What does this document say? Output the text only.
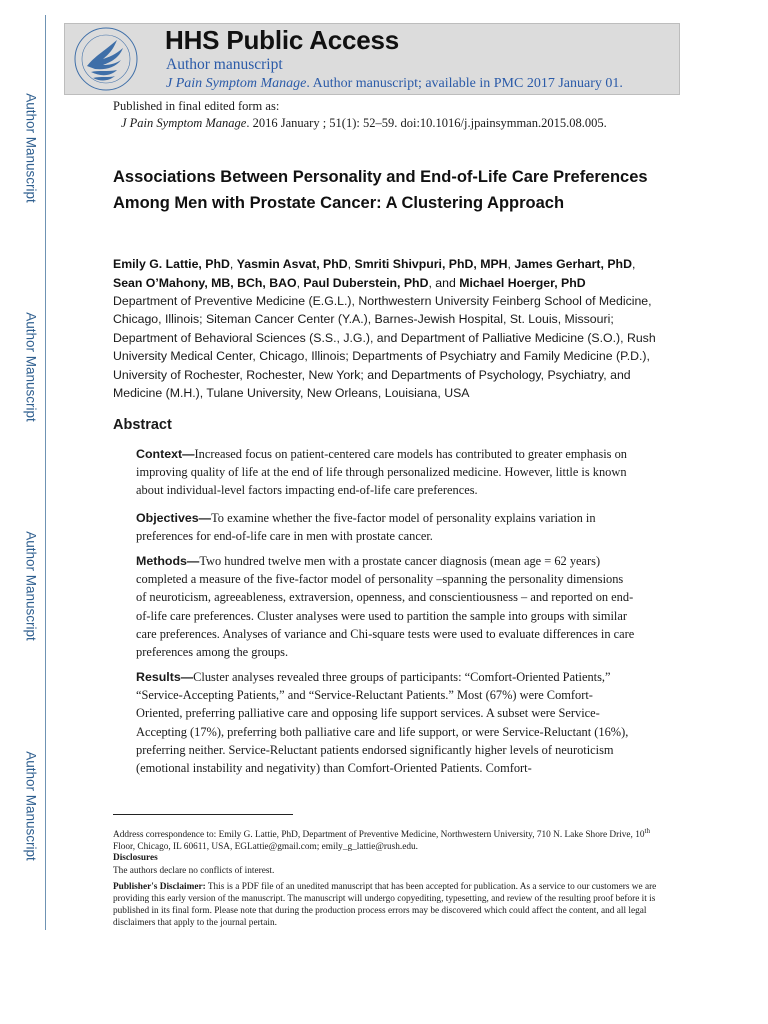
Author Manuscript
Author Manuscript
Author Manuscript
Author Manuscript
HHS Public Access
Author manuscript
J Pain Symptom Manage. Author manuscript; available in PMC 2017 January 01.
Published in final edited form as:
J Pain Symptom Manage. 2016 January ; 51(1): 52–59. doi:10.1016/j.jpainsymman.2015.08.005.
Associations Between Personality and End-of-Life Care Preferences Among Men with Prostate Cancer: A Clustering Approach
Emily G. Lattie, PhD, Yasmin Asvat, PhD, Smriti Shivpuri, PhD, MPH, James Gerhart, PhD,
Sean O’Mahony, MB, BCh, BAO, Paul Duberstein, PhD, and Michael Hoerger, PhD
Department of Preventive Medicine (E.G.L.), Northwestern University Feinberg School of Medicine, Chicago, Illinois; Siteman Cancer Center (Y.A.), Barnes-Jewish Hospital, St. Louis, Missouri; Department of Behavioral Sciences (S.S., J.G.), and Department of Palliative Medicine (S.O.), Rush University Medical Center, Chicago, Illinois; Departments of Psychiatry and Family Medicine (P.D.), University of Rochester, Rochester, New York; and Departments of Psychology, Psychiatry, and Medicine (M.H.), Tulane University, New Orleans, Louisiana, USA
Abstract
Context—Increased focus on patient-centered care models has contributed to greater emphasis on improving quality of life at the end of life through personalized medicine. However, little is known about individual-level factors impacting end-of-life care preferences.
Objectives—To examine whether the five-factor model of personality explains variation in preferences for end-of-life care in men with prostate cancer.
Methods—Two hundred twelve men with a prostate cancer diagnosis (mean age = 62 years) completed a measure of the five-factor model of personality –spanning the personality dimensions of neuroticism, agreeableness, extraversion, openness, and conscientiousness – and reported on end-of-life care preferences. Cluster analyses were used to partition the sample into groups with similar care preferences. Analyses of variance and Chi-square tests were used to evaluate differences in care preferences among the groups.
Results—Cluster analyses revealed three groups of participants: “Comfort-Oriented Patients,” “Service-Accepting Patients,” and “Service-Reluctant Patients.” Most (67%) were Comfort-Oriented, preferring palliative care and opposing life support services. A subset were Service-Accepting (17%), preferring both palliative care and life support, or were Service-Reluctant (16%), preferring neither. Service-Reluctant patients endorsed significantly higher levels of neuroticism (emotional instability and negativity) than Comfort-Oriented Patients. Comfort-
Address correspondence to: Emily G. Lattie, PhD, Department of Preventive Medicine, Northwestern University, 710 N. Lake Shore Drive, 10th Floor, Chicago, IL 60611, USA, EGLattie@gmail.com; emily_g_lattie@rush.edu.
Disclosures
The authors declare no conflicts of interest.
Publisher's Disclaimer: This is a PDF file of an unedited manuscript that has been accepted for publication. As a service to our customers we are providing this early version of the manuscript. The manuscript will undergo copyediting, typesetting, and review of the resulting proof before it is published in its final form. Please note that during the production process errors may be discovered which could affect the content, and all legal disclaimers that apply to the journal pertain.
